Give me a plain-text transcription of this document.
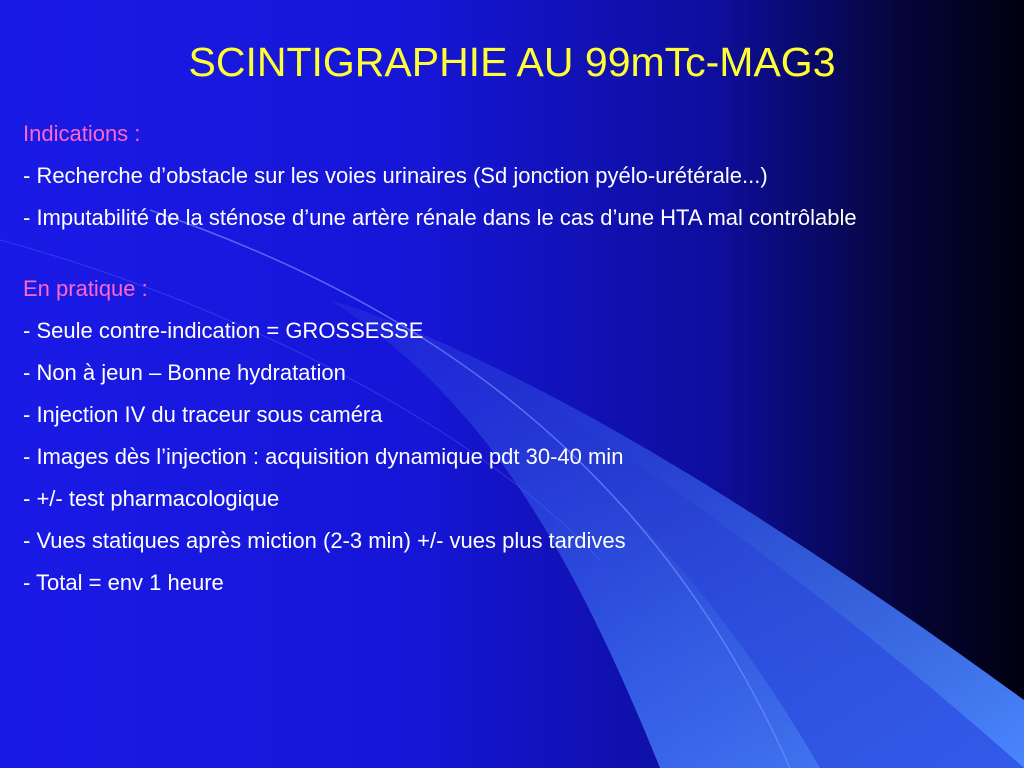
SCINTIGRAPHIE AU 99mTc-MAG3
Indications :
- Recherche d’obstacle sur les voies urinaires (Sd jonction pyélo-urétérale...)
- Imputabilité de la sténose d’une artère rénale dans le cas d’une HTA mal contrôlable
En pratique :
- Seule contre-indication = GROSSESSE
- Non à jeun – Bonne hydratation
- Injection IV du traceur sous caméra
- Images dès l’injection : acquisition dynamique pdt 30-40 min
- +/- test pharmacologique
- Vues statiques après miction (2-3 min) +/- vues plus tardives
- Total = env 1 heure
